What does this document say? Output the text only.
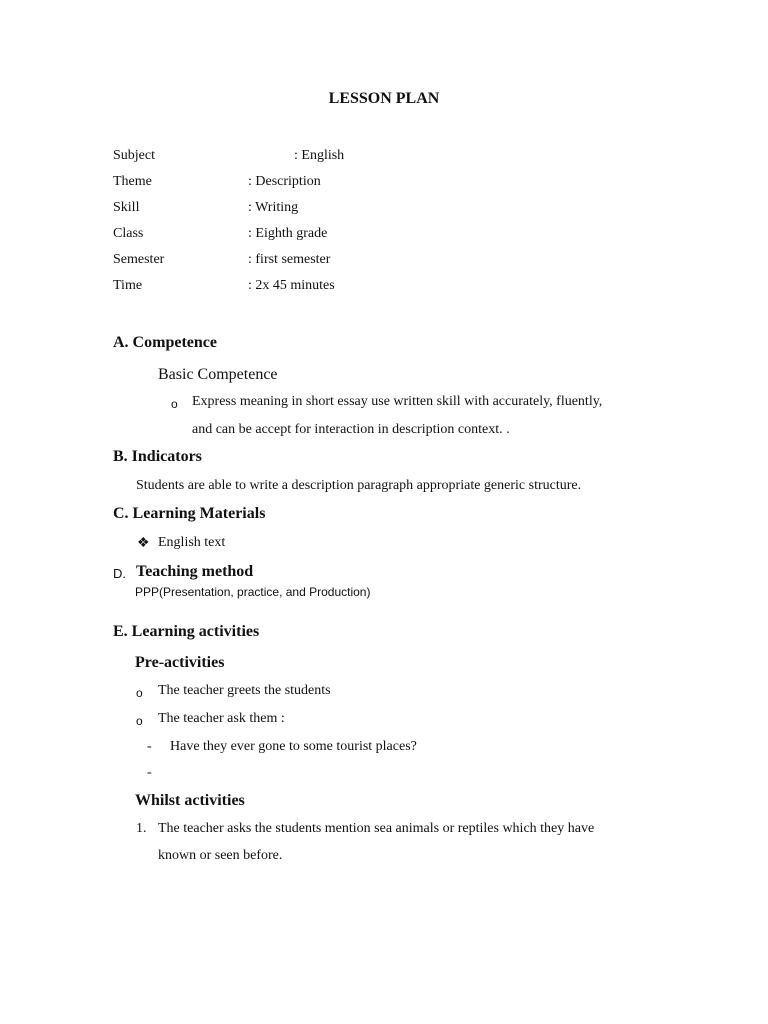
LESSON PLAN
Subject	: English
Theme	: Description
Skill	: Writing
Class	: Eighth grade
Semester	: first semester
Time	: 2x 45 minutes
A. Competence
Basic Competence
o Express meaning in short essay use written skill with accurately, fluently,
and can be accept for interaction in description context. .
B. Indicators
Students are able to write a description paragraph appropriate generic structure.
C. Learning Materials
❖ English text
D. Teaching method
PPP(Presentation, practice, and Production)
E. Learning activities
Pre-activities
o The teacher greets the students
o The teacher ask them :
- Have they ever gone to some tourist places?
-
Whilst activities
1. The teacher asks the students mention sea animals or reptiles which they have
known or seen before.
